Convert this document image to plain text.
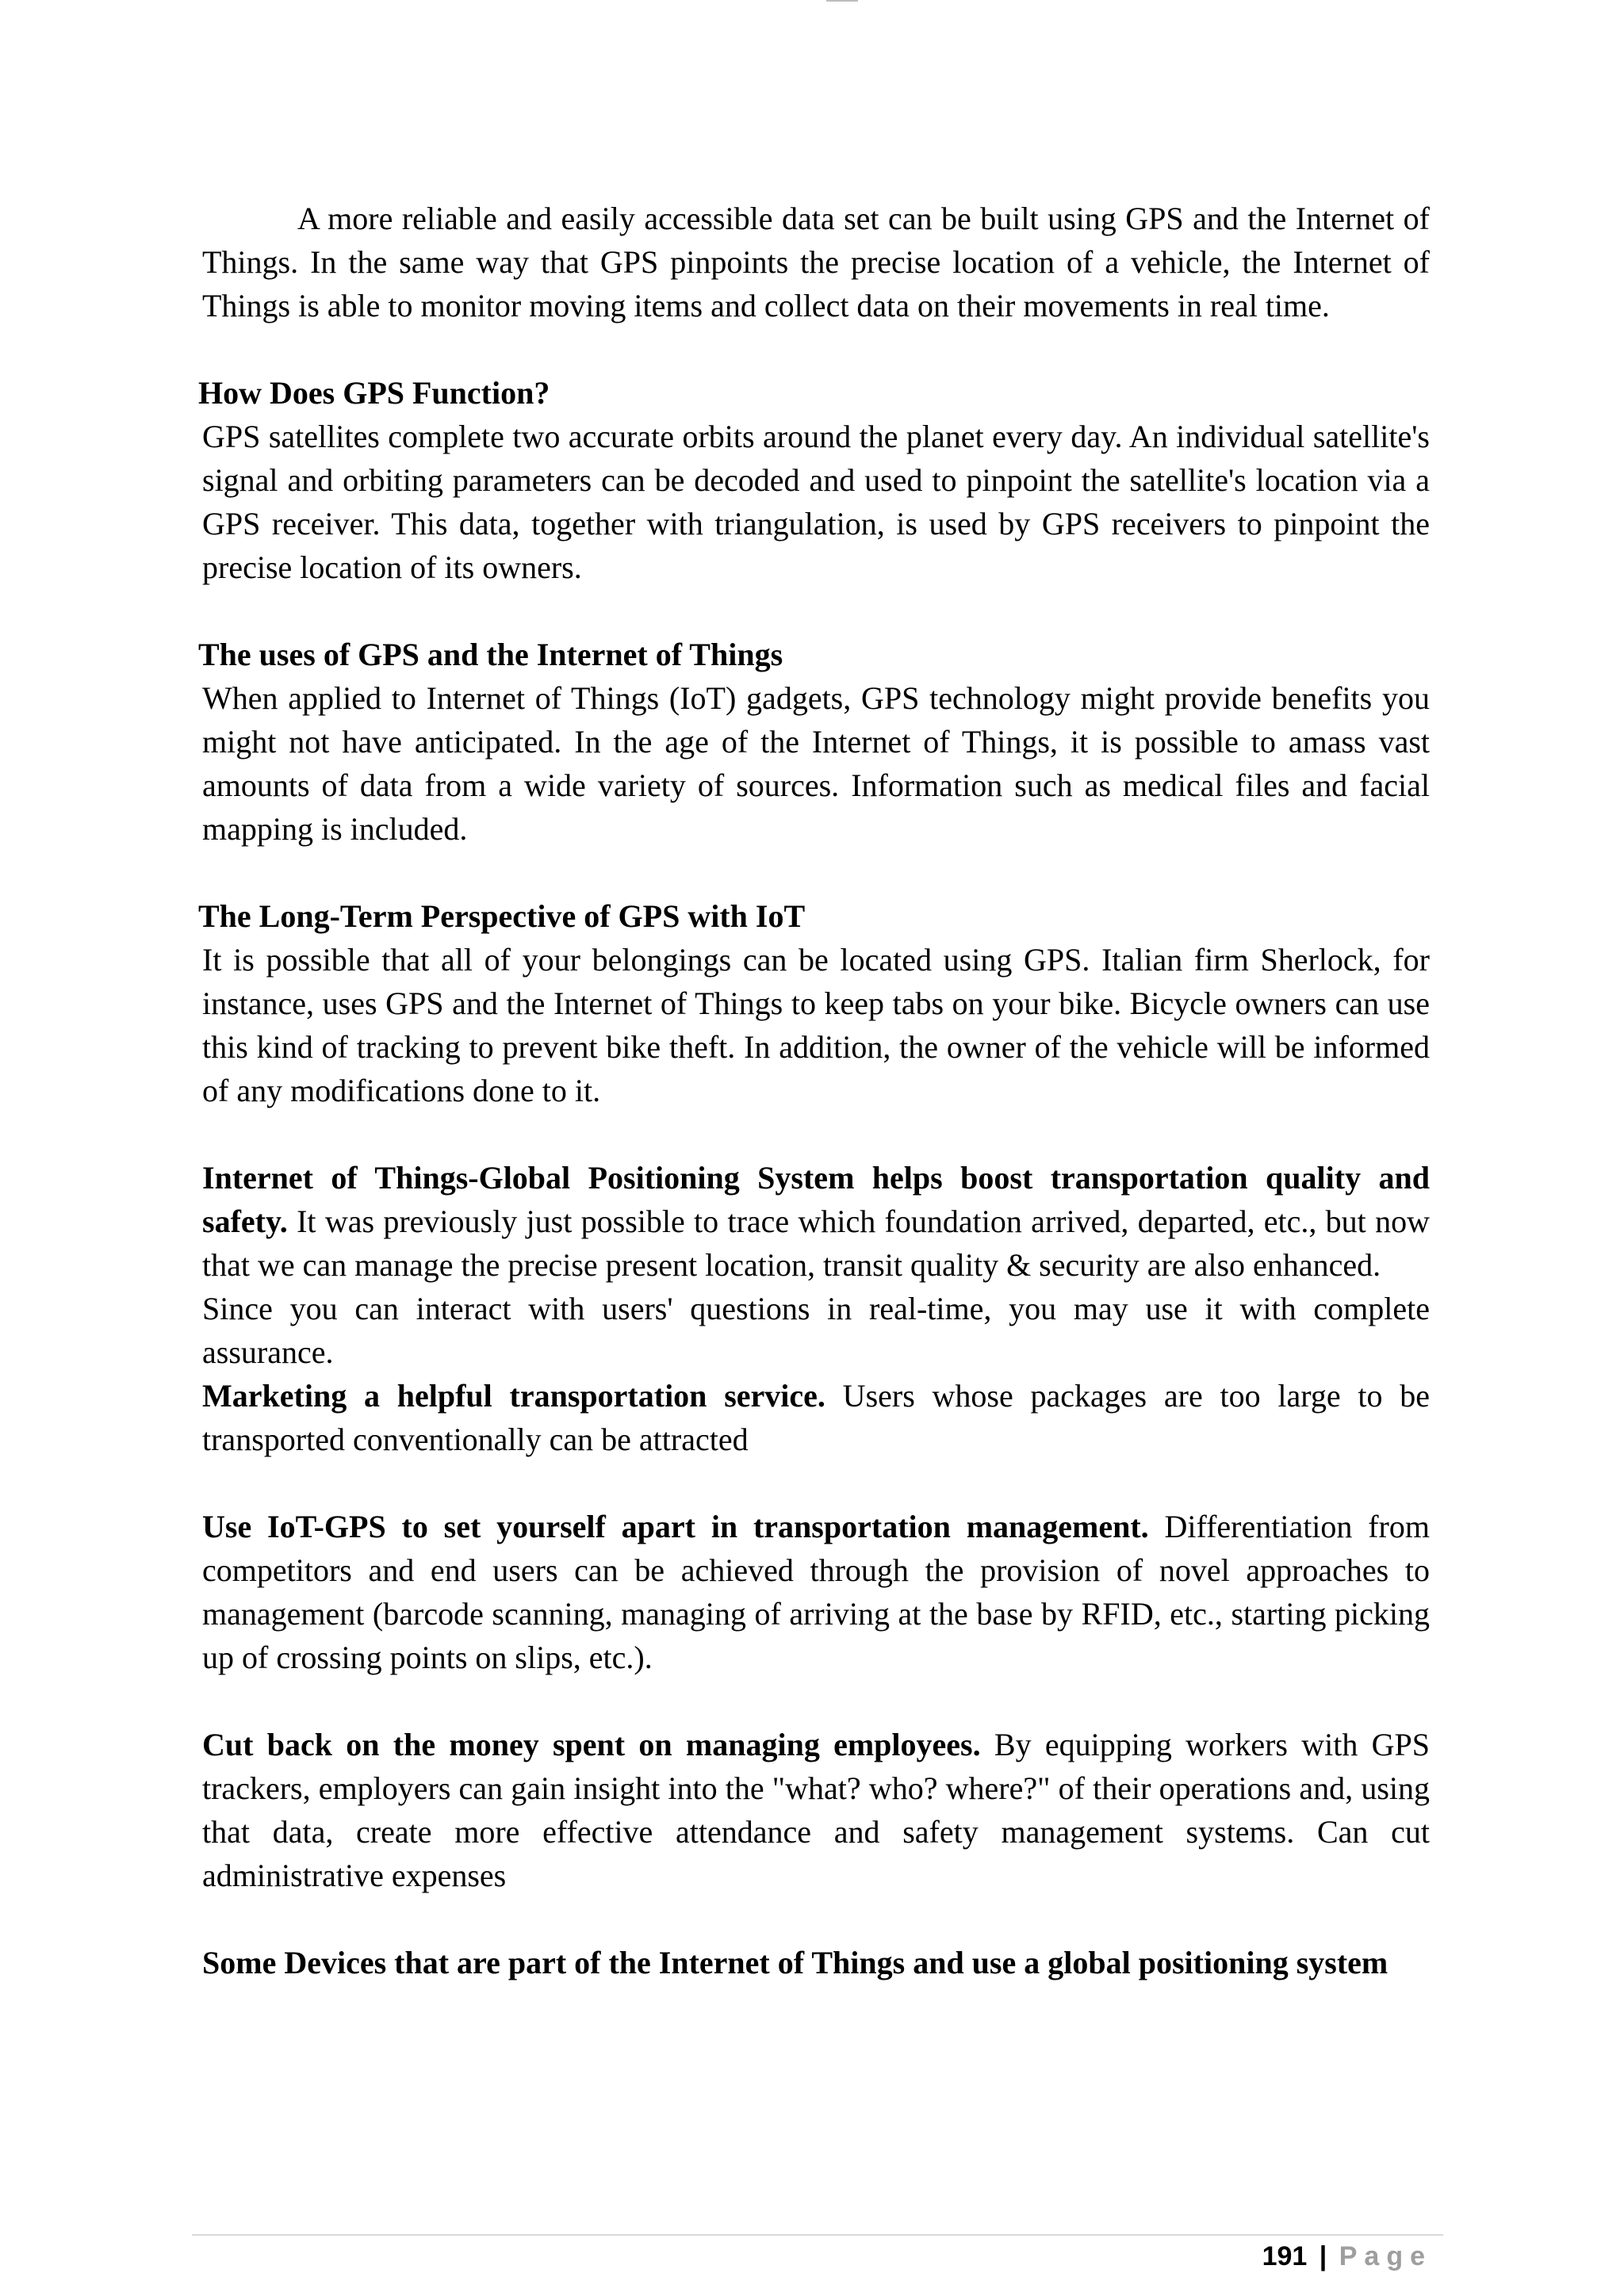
A more reliable and easily accessible data set can be built using GPS and the Internet of Things. In the same way that GPS pinpoints the precise location of a vehicle, the Internet of Things is able to monitor moving items and collect data on their movements in real time.

How Does GPS Function?

GPS satellites complete two accurate orbits around the planet every day. An individual satellite's signal and orbiting parameters can be decoded and used to pinpoint the satellite's location via a GPS receiver. This data, together with triangulation, is used by GPS receivers to pinpoint the precise location of its owners.

The uses of GPS and the Internet of Things

When applied to Internet of Things (IoT) gadgets, GPS technology might provide benefits you might not have anticipated. In the age of the Internet of Things, it is possible to amass vast amounts of data from a wide variety of sources. Information such as medical files and facial mapping is included.

The Long-Term Perspective of GPS with IoT

It is possible that all of your belongings can be located using GPS. Italian firm Sherlock, for instance, uses GPS and the Internet of Things to keep tabs on your bike. Bicycle owners can use this kind of tracking to prevent bike theft. In addition, the owner of the vehicle will be informed of any modifications done to it.

Internet of Things-Global Positioning System helps boost transportation quality and safety. It was previously just possible to trace which foundation arrived, departed, etc., but now that we can manage the precise present location, transit quality & security are also enhanced.

Since you can interact with users' questions in real-time, you may use it with complete assurance.

Marketing a helpful transportation service. Users whose packages are too large to be transported conventionally can be attracted

Use IoT-GPS to set yourself apart in transportation management. Differentiation from competitors and end users can be achieved through the provision of novel approaches to management (barcode scanning, managing of arriving at the base by RFID, etc., starting picking up of crossing points on slips, etc.).

Cut back on the money spent on managing employees. By equipping workers with GPS trackers, employers can gain insight into the "what? who? where?" of their operations and, using that data, create more effective attendance and safety management systems. Can cut administrative expenses

Some Devices that are part of the Internet of Things and use a global positioning system

191 | Page
